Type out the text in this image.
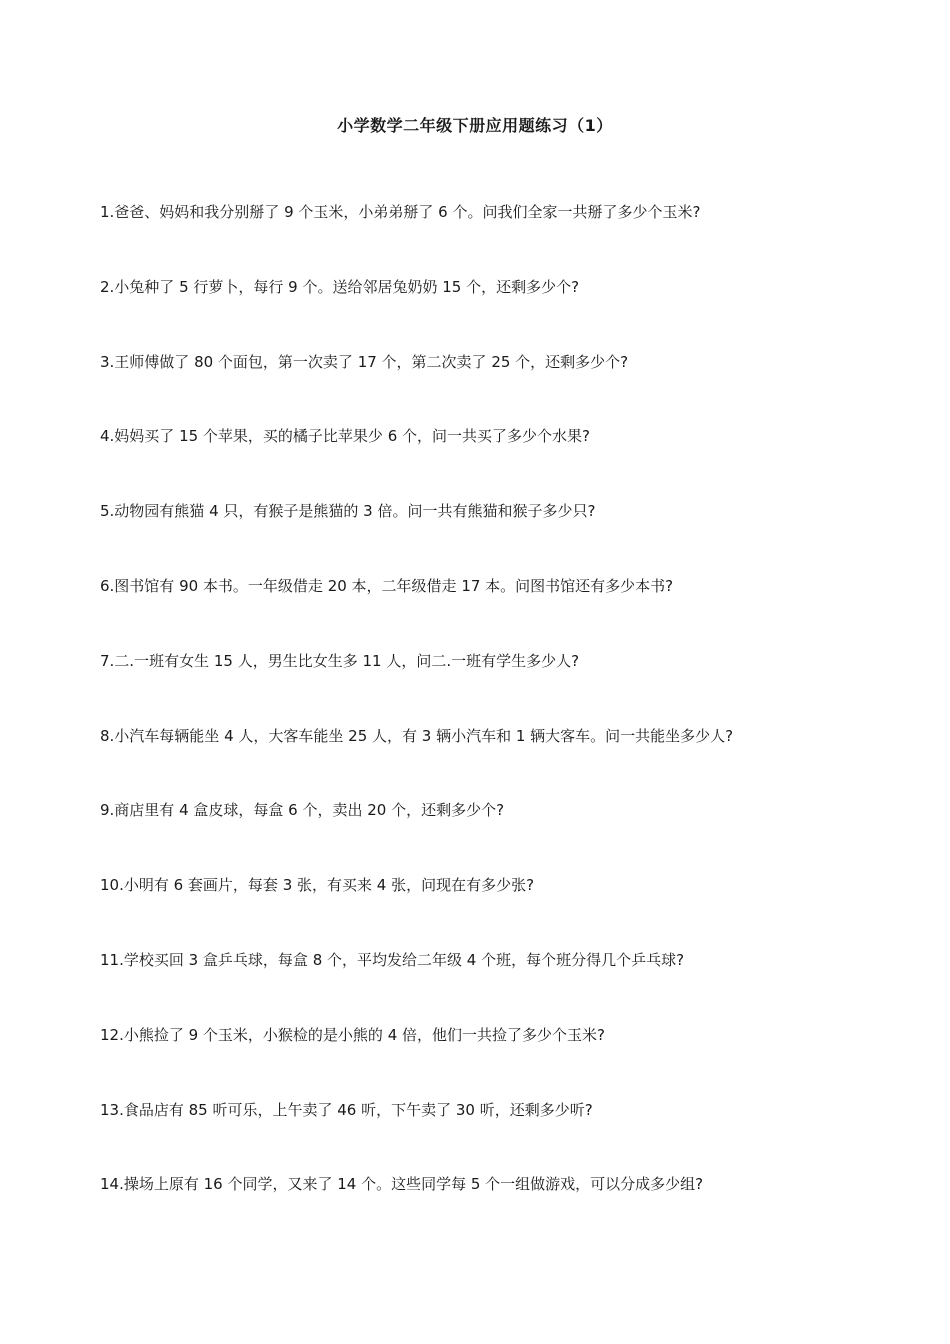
小学数学二年级下册应用题练习（1）
1.爸爸、妈妈和我分别掰了 9 个玉米，小弟弟掰了 6 个。问我们全家一共掰了多少个玉米?
2.小兔种了 5 行萝卜，每行 9 个。送给邻居兔奶奶 15 个，还剩多少个?
3.王师傅做了 80 个面包，第一次卖了 17 个，第二次卖了 25 个，还剩多少个?
4.妈妈买了 15 个苹果，买的橘子比苹果少 6 个，问一共买了多少个水果?
5.动物园有熊猫 4 只，有猴子是熊猫的 3 倍。问一共有熊猫和猴子多少只?
6.图书馆有 90 本书。一年级借走 20 本，二年级借走 17 本。问图书馆还有多少本书?
7.二.一班有女生 15 人，男生比女生多 11 人，问二.一班有学生多少人?
8.小汽车每辆能坐 4 人，大客车能坐 25 人，有 3 辆小汽车和 1 辆大客车。问一共能坐多少人?
9.商店里有 4 盒皮球，每盒 6 个，卖出 20 个，还剩多少个?
10.小明有 6 套画片，每套 3 张，有买来 4 张，问现在有多少张?
11.学校买回 3 盒乒乓球，每盒 8 个，平均发给二年级 4 个班，每个班分得几个乒乓球?
12.小熊捡了 9 个玉米，小猴检的是小熊的 4 倍，他们一共捡了多少个玉米?
13.食品店有 85 听可乐，上午卖了 46 听，下午卖了 30 听，还剩多少听?
14.操场上原有 16 个同学，又来了 14 个。这些同学每 5 个一组做游戏，可以分成多少组?
